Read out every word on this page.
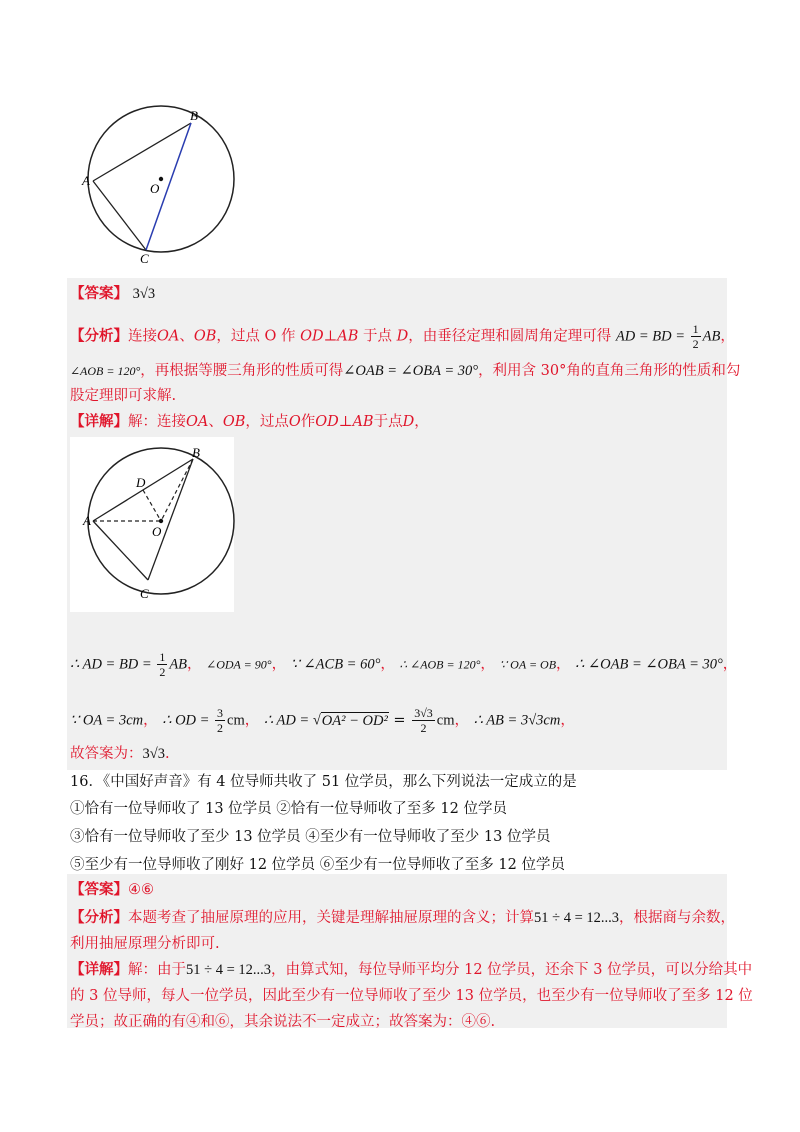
B
A
O
C
【答案】 3√3
【分析】连接OA、OB，过点 O 作 OD⊥AB 于点 D，由垂径定理和圆周角定理可得 AD = BD = $\frac{1}{2}$ AB，
∠AOB = 120°，再根据等腰三角形的性质可得∠OAB = ∠OBA = 30°，利用含 30°角的直角三角形的性质和勾
股定理即可求解.
【详解】解：连接OA、OB，过点O作OD⊥AB于点D，
B
D
A
O
C
∴ AD = BD = $\frac{1}{2}$ AB， ∠ODA = 90°， ∵ ∠ACB = 60°， ∴ ∠AOB = 120°， ∵ OA = OB， ∴ ∠OAB = ∠OBA = 30°，
∵ OA = 3cm， ∴ OD = $\frac{3}{2}$ cm， ∴ AD = $√OA^2 - OD^2 = \frac{3√3}{2}$ cm， ∴ AB = 3√3cm，
故答案为：3√3.
16．《中国好声音》有 4 位导师共收了 51 位学员，那么下列说法一定成立的是
①恰有一位导师收了 13 位学员 ②恰有一位导师收了至多 12 位学员
③恰有一位导师收了至少 13 位学员 ④至少有一位导师收了至少 13 位学员
⑤至少有一位导师收了刚好 12 位学员 ⑥至少有一位导师收了至多 12 位学员
【答案】④⑥
【分析】本题考查了抽屉原理的应用，关键是理解抽屉原理的含义；计算51 ÷ 4 = 12...3，根据商与余数，
利用抽屉原理分析即可.
【详解】解：由于51 ÷ 4 = 12...3，由算式知，每位导师平均分 12 位学员，还余下 3 位学员，可以分给其中
的 3 位导师，每人一位学员，因此至少有一位导师收了至少 13 位学员，也至少有一位导师收了至多 12 位
学员；故正确的有④和⑥，其余说法不一定成立；故答案为：④⑥.
